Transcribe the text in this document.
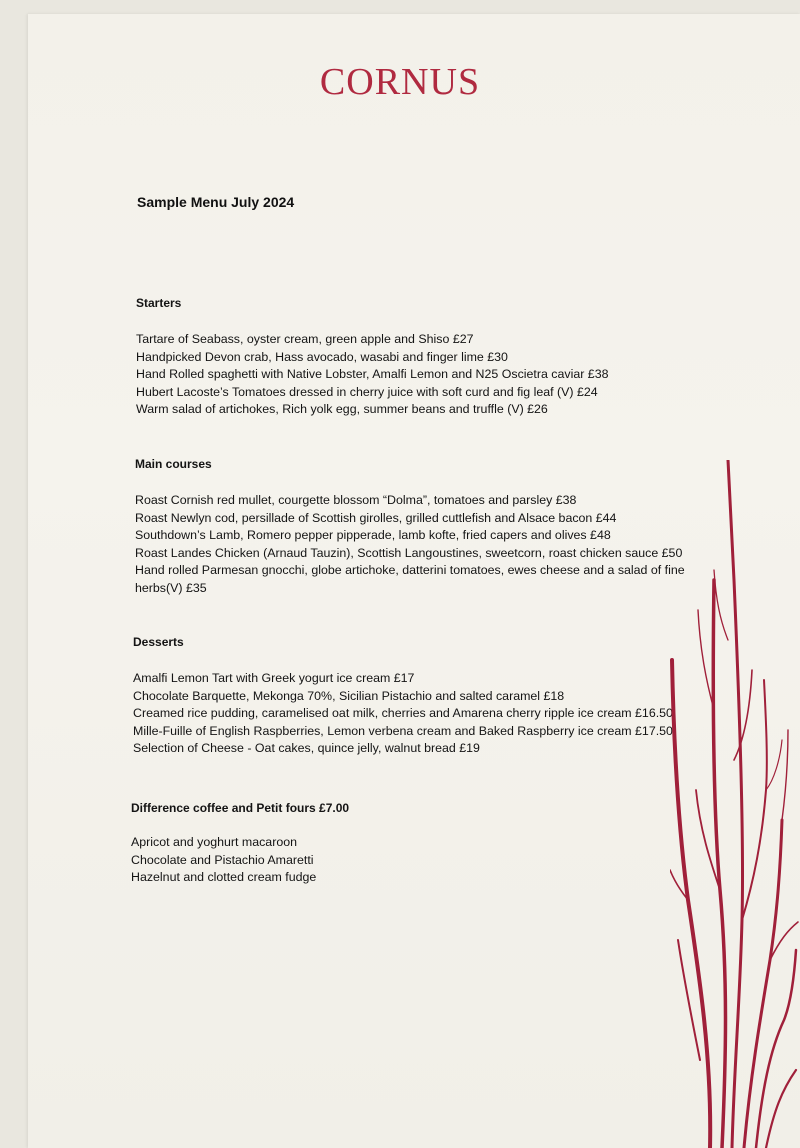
CORNUS
Sample Menu July 2024
Starters
Tartare of Seabass, oyster cream, green apple and Shiso £27
Handpicked Devon crab, Hass avocado, wasabi and finger lime £30
Hand Rolled spaghetti with Native Lobster, Amalfi Lemon and N25 Oscietra caviar £38
Hubert Lacoste’s Tomatoes dressed in cherry juice with soft curd and fig leaf (V) £24
Warm salad of artichokes, Rich yolk egg, summer beans and truffle (V) £26
Main courses
Roast Cornish red mullet, courgette blossom “Dolma”, tomatoes and parsley £38
Roast Newlyn cod, persillade of Scottish girolles, grilled cuttlefish and Alsace bacon £44
Southdown’s Lamb, Romero pepper pipperade, lamb kofte, fried capers and olives £48
Roast Landes Chicken (Arnaud Tauzin), Scottish Langoustines, sweetcorn, roast chicken sauce £50
Hand rolled Parmesan gnocchi, globe artichoke, datterini tomatoes, ewes cheese and a salad of fine herbs(V) £35
Desserts
Amalfi Lemon Tart with Greek yogurt ice cream £17
Chocolate Barquette, Mekonga 70%, Sicilian Pistachio and salted caramel £18
Creamed rice pudding, caramelised oat milk, cherries and Amarena cherry ripple ice cream £16.50
Mille-Fuille of English Raspberries, Lemon verbena cream and Baked Raspberry ice cream £17.50
Selection of Cheese - Oat cakes, quince jelly, walnut bread £19
Difference coffee and Petit fours £7.00
Apricot and yoghurt macaroon
Chocolate and Pistachio Amaretti
Hazelnut and clotted cream fudge
